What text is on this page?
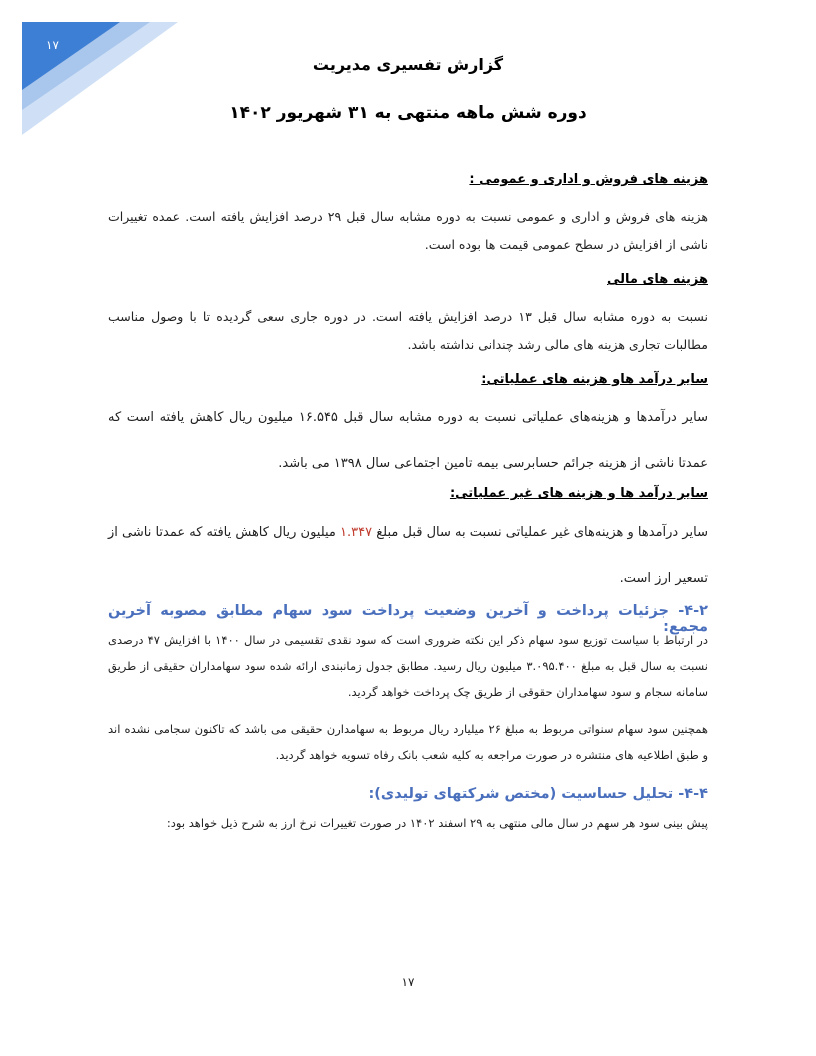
۱۷
گزارش تفسیری مدیریت
دوره شش ماهه منتهی به ۳۱ شهریور ۱۴۰۲
هزینه های فروش و اداری و عمومی :
هزینه های فروش و اداری و عمومی نسبت به دوره مشابه سال قبل ۲۹ درصد افزایش یافته است. عمده تغییرات ناشی از افزایش در سطح عمومی قیمت ها بوده است.
هزینه های مالی
نسبت به دوره مشابه سال قبل ۱۳ درصد افزایش یافته است. در دوره جاری سعی گردیده تا با وصول مناسب مطالبات تجاری هزینه های مالی رشد چندانی نداشته باشد.
سایر درآمد هاو هزینه های عملیاتی:
سایر درآمدها و هزینه‌های عملیاتی نسبت به دوره مشابه سال قبل ۱۶.۵۴۵ میلیون ریال کاهش یافته است که عمدتا ناشی از هزینه جرائم حسابرسی بیمه تامین اجتماعی سال ۱۳۹۸ می باشد.
سایر درآمد ها و هزینه های غیر عملیاتی:
سایر درآمدها و هزینه‌های غیر عملیاتی نسبت به سال قبل مبلغ ۱.۳۴۷ میلیون ریال کاهش یافته که عمدتا ناشی از تسعیر ارز است.
۴-۲- جزئیات پرداخت و آخرین وضعیت پرداخت سود سهام مطابق مصوبه آخرین مجمع:
در ارتباط با سیاست توزیع سود سهام ذکر این نکته ضروری است که سود نقدی تقسیمی در سال ۱۴۰۰ با افزایش ۴۷ درصدی نسبت به سال قبل به مبلغ ۳.۰۹۵.۴۰۰ میلیون ریال رسید. مطابق جدول زمانبندی ارائه شده سود سهامداران حقیقی از طریق سامانه سجام و سود سهامداران حقوقی از طریق چک پرداخت خواهد گردید.
همچنین سود سهام سنواتی مربوط به مبلغ ۲۶ میلیارد ریال مربوط به سهامدارن حقیقی می باشد که تاکنون سجامی نشده اند و طبق اطلاعیه های منتشره در صورت مراجعه به کلیه شعب بانک رفاه تسویه خواهد گردید.
۴-۴- تحلیل حساسیت (مختص شرکتهای تولیدی):
پیش بینی سود هر سهم در سال مالی منتهی به ۲۹ اسفند ۱۴۰۲ در صورت تغییرات نرخ ارز به شرح ذیل خواهد بود:
۱۷
